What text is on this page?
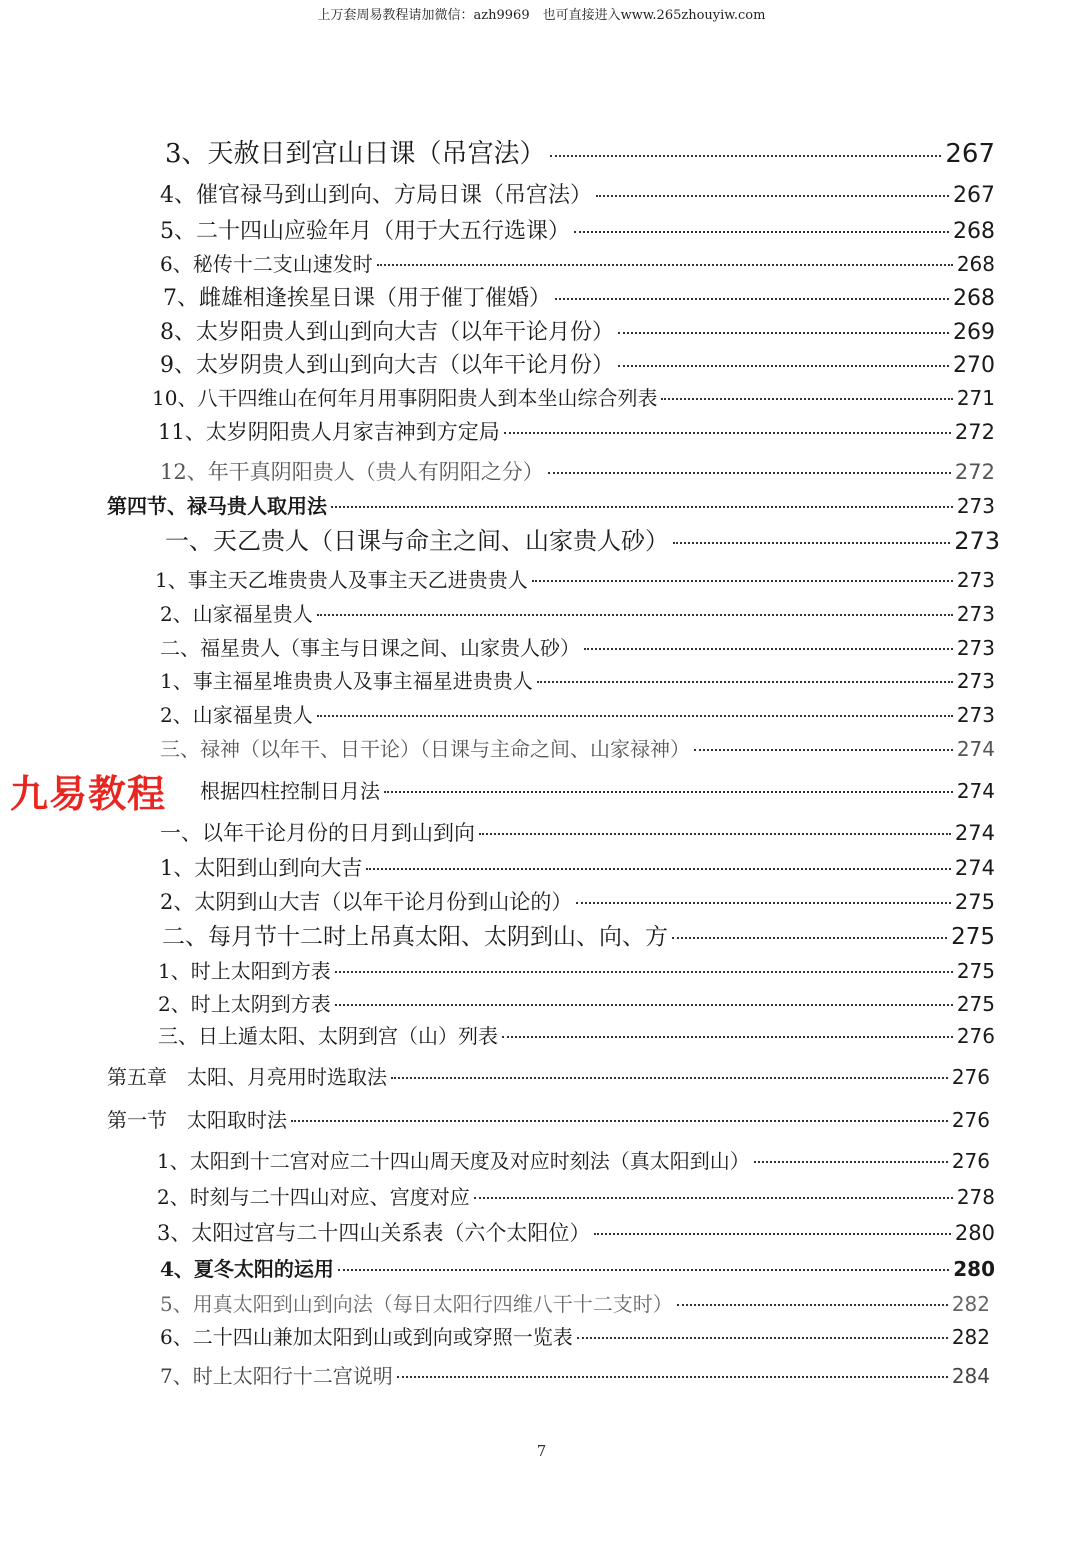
上万套周易教程请加微信：azh9969　也可直接进入www.265zhouyiw.com
3、天赦日到宫山日课（吊宫法）	267
4、催官禄马到山到向、方局日课（吊宫法）	267
5、二十四山应验年月（用于大五行选课）	268
6、秘传十二支山速发时	268
7、雌雄相逢挨星日课（用于催丁催婚）	268
8、太岁阳贵人到山到向大吉（以年干论月份）	269
9、太岁阴贵人到山到向大吉（以年干论月份）	270
10、八干四维山在何年月用事阴阳贵人到本坐山综合列表	271
11、太岁阴阳贵人月家吉神到方定局	272
12、年干真阴阳贵人（贵人有阴阳之分）	272
第四节、禄马贵人取用法	273
一、天乙贵人（日课与命主之间、山家贵人砂）	273
1、事主天乙堆贵贵人及事主天乙进贵贵人	273
2、山家福星贵人	273
二、福星贵人（事主与日课之间、山家贵人砂）	273
1、事主福星堆贵贵人及事主福星进贵贵人	273
2、山家福星贵人	273
三、禄神（以年干、日干论）（日课与主命之间、山家禄神）	274
根据四柱控制日月法	274
一、以年干论月份的日月到山到向	274
1、太阳到山到向大吉	274
2、太阴到山大吉（以年干论月份到山论的）	275
二、每月节十二时上吊真太阳、太阴到山、向、方	275
1、时上太阳到方表	275
2、时上太阴到方表	275
三、日上遁太阳、太阴到宫（山）列表	276
第五章　太阳、月亮用时选取法	276
第一节　太阳取时法	276
1、太阳到十二宫对应二十四山周天度及对应时刻法（真太阳到山）	276
2、时刻与二十四山对应、宫度对应	278
3、太阳过宫与二十四山关系表（六个太阳位）	280
4、夏冬太阳的运用	280
5、用真太阳到山到向法（每日太阳行四维八干十二支时）	282
6、二十四山兼加太阳到山或到向或穿照一览表	282
7、时上太阳行十二宫说明	284
九易教程
7
